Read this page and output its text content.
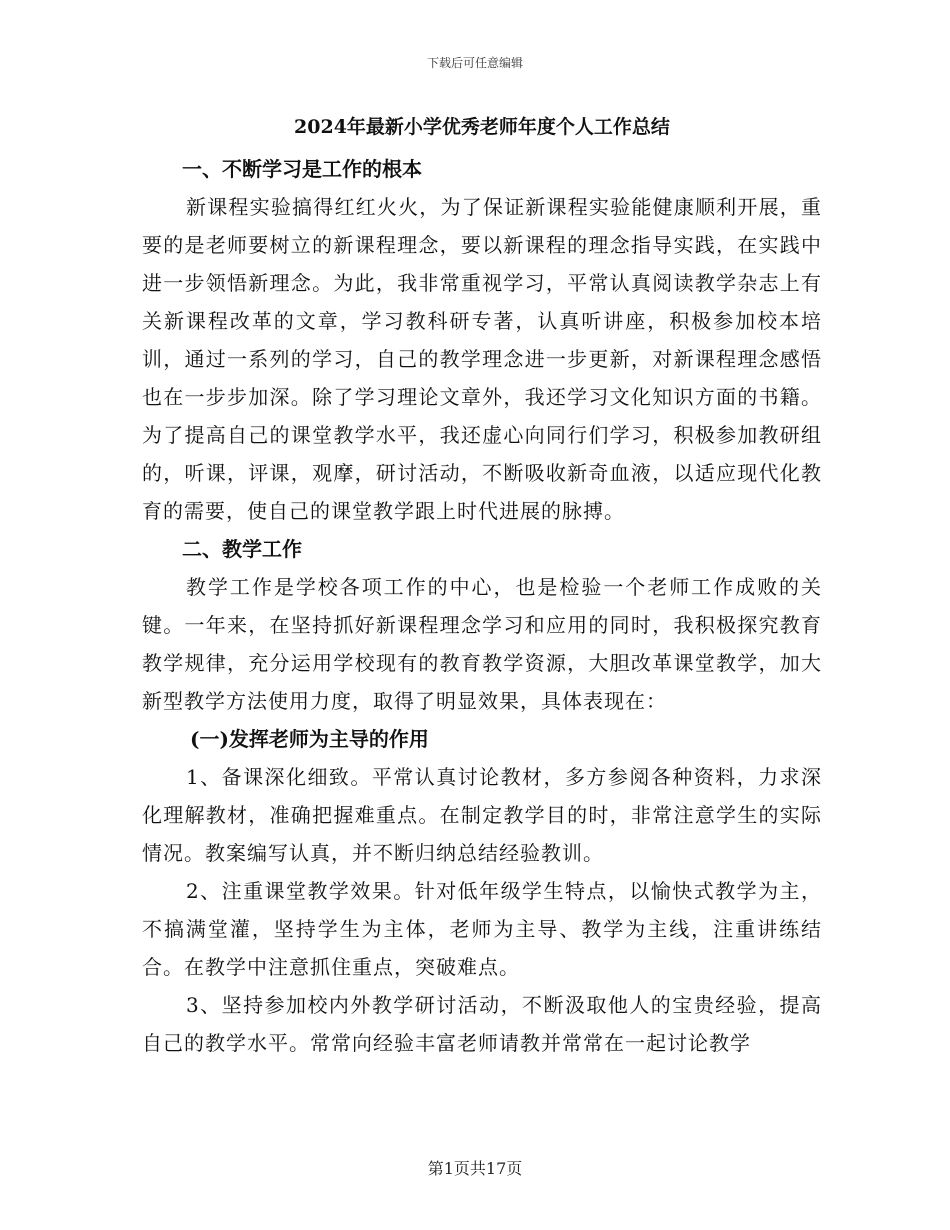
下载后可任意编辑
2024年最新小学优秀老师年度个人工作总结

一、不断学习是工作的根本

新课程实验搞得红红火火，为了保证新课程实验能健康顺利开展，重要的是老师要树立的新课程理念，要以新课程的理念指导实践，在实践中进一步领悟新理念。为此，我非常重视学习，平常认真阅读教学杂志上有关新课程改革的文章，学习教科研专著，认真听讲座，积极参加校本培训，通过一系列的学习，自己的教学理念进一步更新，对新课程理念感悟也在一步步加深。除了学习理论文章外，我还学习文化知识方面的书籍。为了提高自己的课堂教学水平，我还虚心向同行们学习，积极参加教研组的，听课，评课，观摩，研讨活动，不断吸收新奇血液，以适应现代化教育的需要，使自己的课堂教学跟上时代进展的脉搏。

二、教学工作

教学工作是学校各项工作的中心，也是检验一个老师工作成败的关键。一年来，在坚持抓好新课程理念学习和应用的同时，我积极探究教育教学规律，充分运用学校现有的教育教学资源，大胆改革课堂教学，加大新型教学方法使用力度，取得了明显效果，具体表现在：

(一)发挥老师为主导的作用

1、备课深化细致。平常认真讨论教材，多方参阅各种资料，力求深化理解教材，准确把握难重点。在制定教学目的时，非常注意学生的实际情况。教案编写认真，并不断归纳总结经验教训。

2、注重课堂教学效果。针对低年级学生特点，以愉快式教学为主，不搞满堂灌，坚持学生为主体，老师为主导、教学为主线，注重讲练结合。在教学中注意抓住重点，突破难点。

3、坚持参加校内外教学研讨活动，不断汲取他人的宝贵经验，提高自己的教学水平。常常向经验丰富老师请教并常常在一起讨论教学

第1页共17页
